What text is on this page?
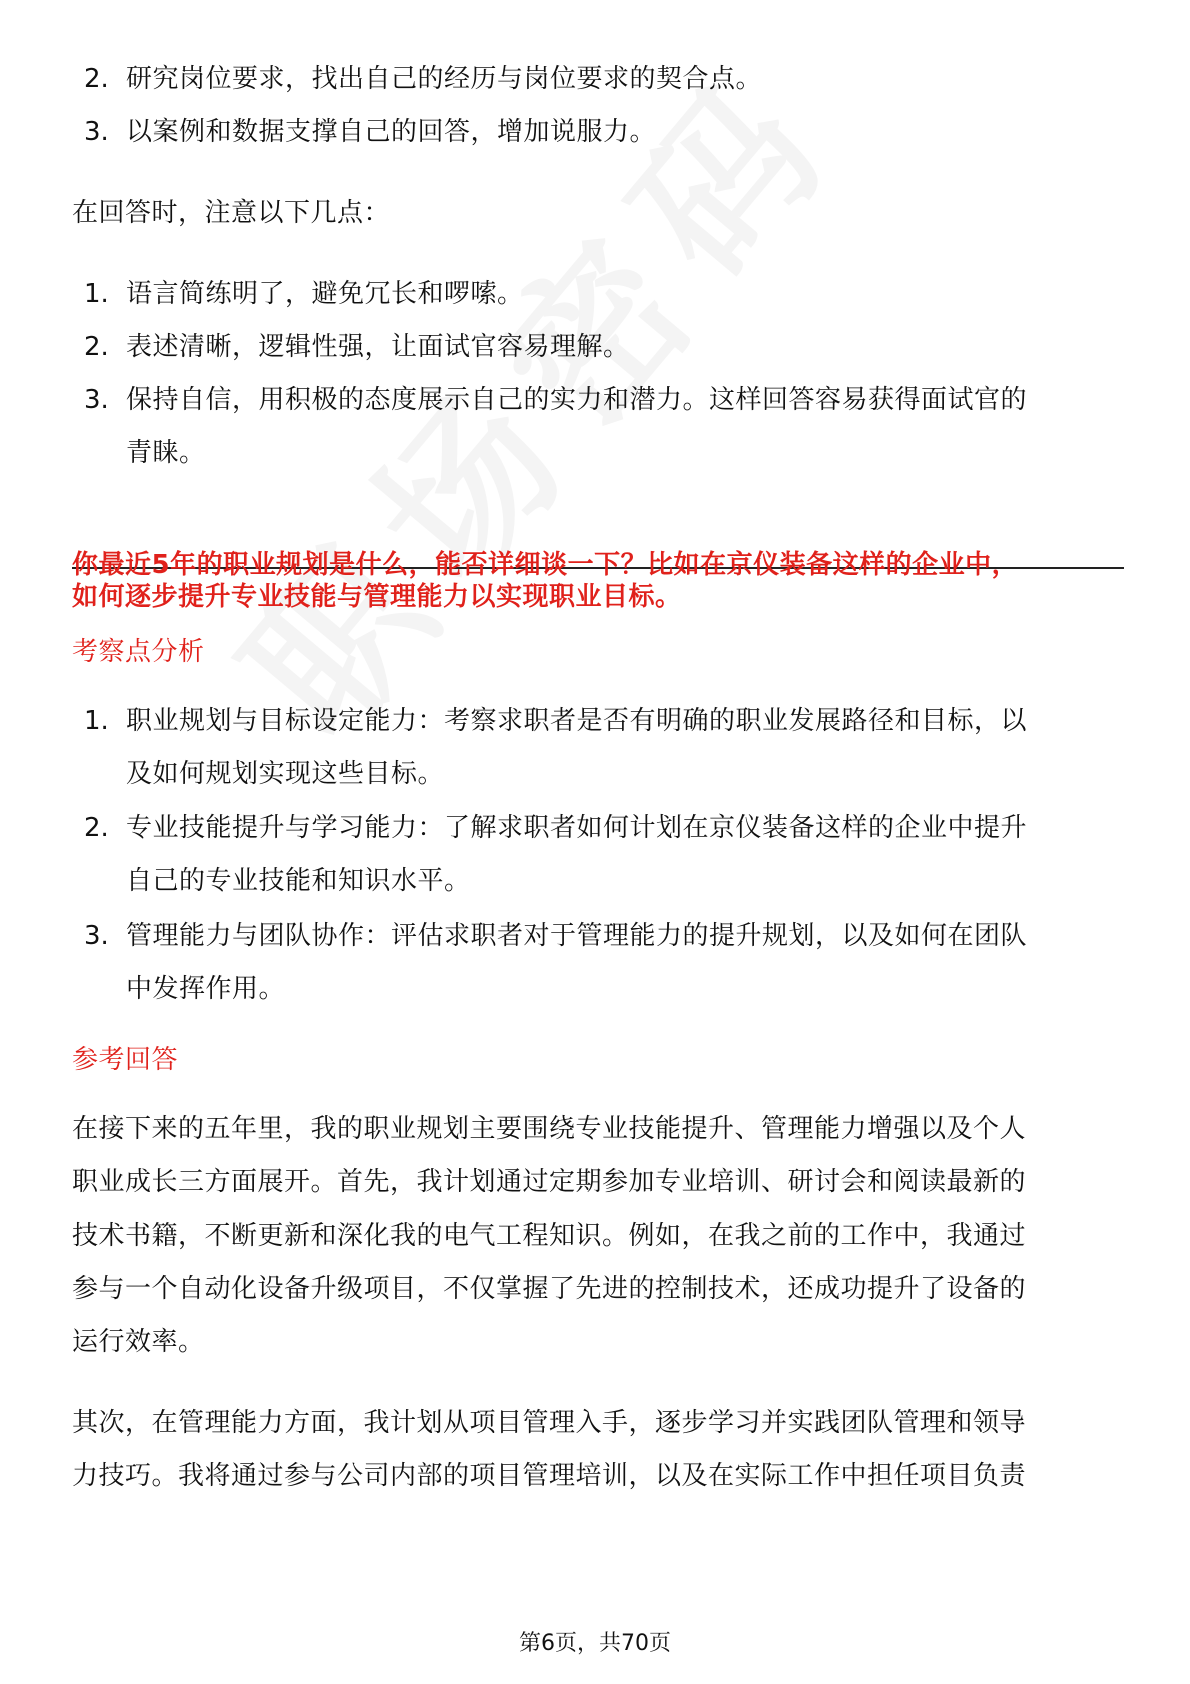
2. 研究岗位要求，找出自己的经历与岗位要求的契合点。
3. 以案例和数据支撑自己的回答，增加说服力。
在回答时，注意以下几点：
1. 语言简练明了，避免冗长和啰嗦。
2. 表述清晰，逻辑性强，让面试官容易理解。
3. 保持自信，用积极的态度展示自己的实力和潜力。这样回答容易获得面试官的
青睐。
你最近5年的职业规划是什么，能否详细谈一下？比如在京仪装备这样的企业中，
如何逐步提升专业技能与管理能力以实现职业目标。
考察点分析
1. 职业规划与目标设定能力：考察求职者是否有明确的职业发展路径和目标，以
及如何规划实现这些目标。
2. 专业技能提升与学习能力：了解求职者如何计划在京仪装备这样的企业中提升
自己的专业技能和知识水平。
3. 管理能力与团队协作：评估求职者对于管理能力的提升规划，以及如何在团队
中发挥作用。
参考回答
在接下来的五年里，我的职业规划主要围绕专业技能提升、管理能力增强以及个人
职业成长三方面展开。首先，我计划通过定期参加专业培训、研讨会和阅读最新的
技术书籍，不断更新和深化我的电气工程知识。例如，在我之前的工作中，我通过
参与一个自动化设备升级项目，不仅掌握了先进的控制技术，还成功提升了设备的
运行效率。
其次，在管理能力方面，我计划从项目管理入手，逐步学习并实践团队管理和领导
力技巧。我将通过参与公司内部的项目管理培训，以及在实际工作中担任项目负责
第6页，共70页
